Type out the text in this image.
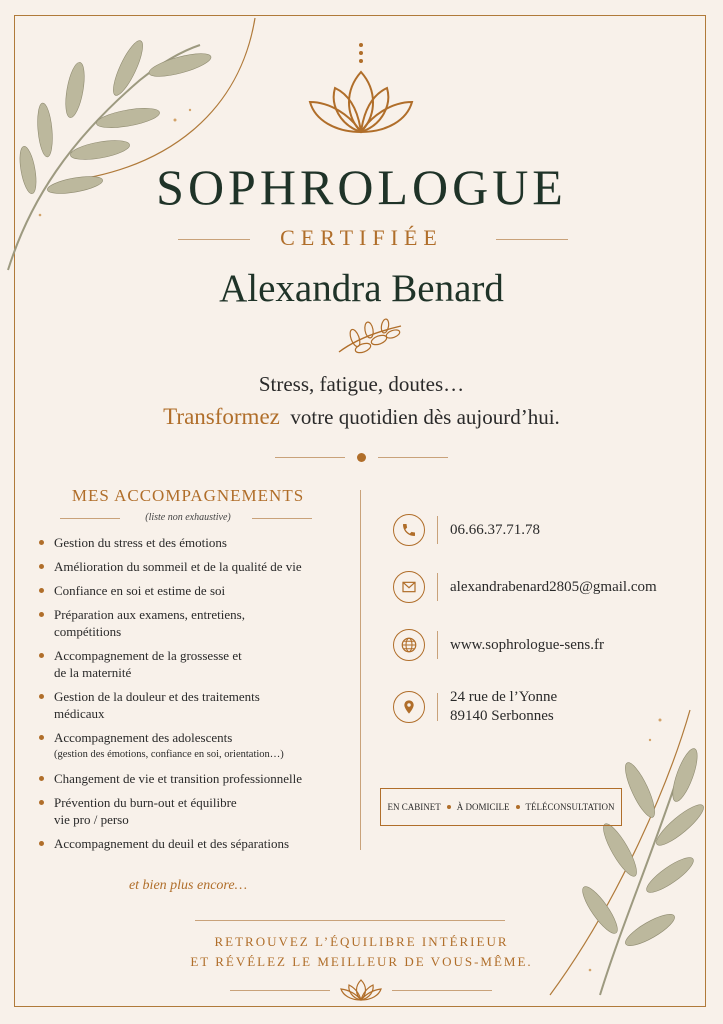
SOPHROLOGUE
CERTIFIÉE
Alexandra Benard
Stress, fatigue, doutes…
Transformez votre quotidien dès aujourd’hui.
MES ACCOMPAGNEMENTS
(liste non exhaustive)
Gestion du stress et des émotions
Amélioration du sommeil et de la qualité de vie
Confiance en soi et estime de soi
Préparation aux examens, entretiens,
compétitions
Accompagnement de la grossesse et
de la maternité
Gestion de la douleur et des traitements
médicaux
Accompagnement des adolescents
(gestion des émotions, confiance en soi, orientation…)
Changement de vie et transition professionnelle
Prévention du burn-out et équilibre
vie pro / perso
Accompagnement du deuil et des séparations
et bien plus encore…
06.66.37.71.78
alexandrabenard2805@gmail.com
www.sophrologue-sens.fr
24 rue de l’Yonne
89140 Serbonnes
EN CABINET À DOMICILE TÉLÉCONSULTATION
RETROUVEZ L’ÉQUILIBRE INTÉRIEUR
ET RÉVÉLEZ LE MEILLEUR DE VOUS-MÊME.
